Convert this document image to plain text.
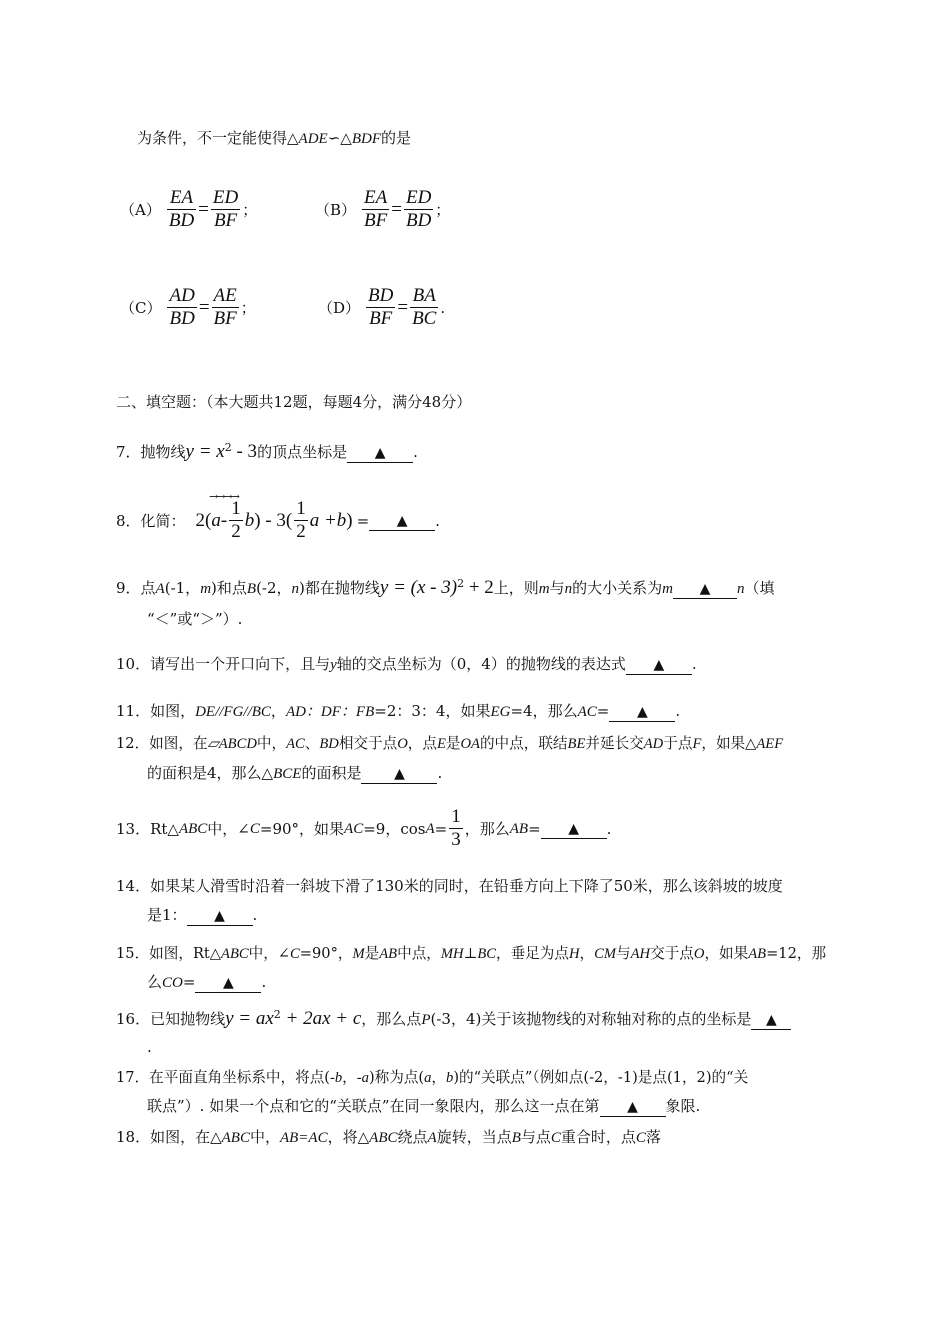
为条件，不一定能使得△ADE∽△BDF的是
$(A) \frac{EA}{BD} = \frac{ED}{BF}$ ；	$(B) \frac{EA}{BF} = \frac{ED}{BD}$ ；
$(C) \frac{AD}{BD} = \frac{AE}{BF}$ ；	$(D) \frac{BD}{BF} = \frac{BA}{BC}$ .
二、填空题：（本大题共12题，每题4分，满分48分）
7．抛物线$y = x^2 - 3$的顶点坐标是 ▲ .
→→→→
8．化简： 2( a - $\frac{1}{2}$ b ) - $3( \frac{1}{2}$ a + b ) =	▲	.
9．点A(-1，m)和点B(-2，n)都在抛物线y = (x - 3)$^2$ + 2上，则m与n的大小关系为m ▲ n（填
“＜”或“＞”）.
10．请写出一个开口向下，且与y轴的交点坐标为（0，4）的抛物线的表达式 ▲ .
11．如图，DE//FG//BC，AD：DF：FB=2：3：4，如果EG=4，那么AC= ▲ .
12．如图，在▱ABCD中，AC、BD相交于点O，点E是OA的中点，联结BE并延长交AD于点F，如果△AEF
的面积是4，那么△BCE的面积是 ▲ .
13．Rt△ ABC 中，∠ C =90°，如果 AC =9，$\cos A = \frac{1}{3}$ ，那么 AB =	▲	.
14．如果某人滑雪时沿着一斜坡下滑了130米的同时，在铅垂方向上下降了50米，那么该斜坡的坡度
是1： ▲ .
15．如图，Rt△ABC中，∠C=90°，M是AB中点，MH⊥BC，垂足为点H，CM与AH交于点O，如果AB=12，那
么CO= ▲ .
16．已知抛物线$y = ax^2 + 2ax + c$，那么点P(-3，4)关于该抛物线的对称轴对称的点的坐标是 ▲
.
17．在平面直角坐标系中，将点(-b，-a)称为点(a，b)的“关联点”（例如点(-2，-1)是点(1，2)的“关
联点”）. 如果一个点和它的“关联点”在同一象限内，那么这一点在第 ▲ 象限.
18．如图，在△ABC中，AB=AC，将△ABC绕点A旋转，当点B与点C重合时，点C落
